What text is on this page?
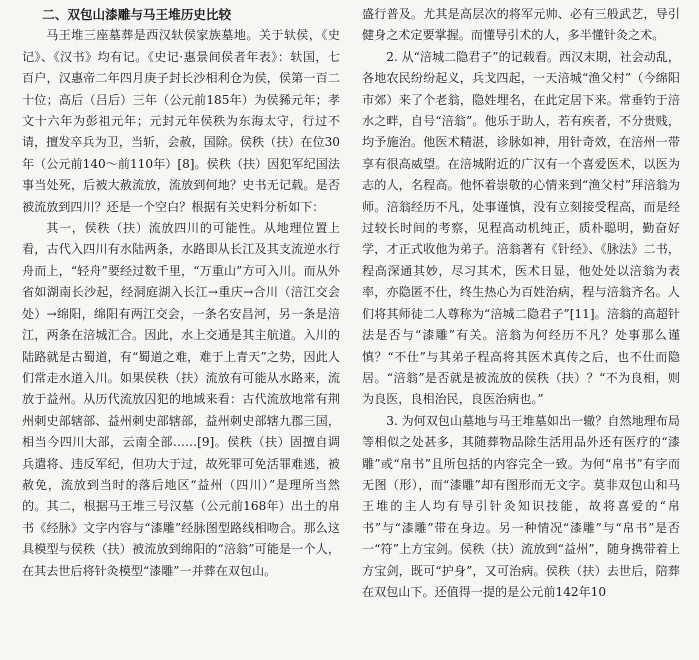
二、双包山漆雕与马王堆历史比较

马王堆三座墓葬是西汉轪侯家族墓地。关于轪侯，《史记》、《汉书》均有记。《史记·惠景间侯者年表》：轪国，七百户，汉惠帝二年四月庚子封长沙相利仓为侯，侯第一百二十位；高后（吕后）三年（公元前185年）为侯豨元年；孝文十六年为彭祖元年；元封元年侯秩为东海太守，行过不请，擅发卒兵为卫，当斩，会赦，国除。侯秩（扶）在位30年（公元前140～前110年）[8]。侯秩（扶）因犯军纪国法事当处死，后被大赦流放，流放到何地？史书无记载。是否被流放到四川？还是一个空白？根据有关史料分析如下：

其一，侯秩（扶）流放四川的可能性。从地理位置上看，古代入四川有水陆两条，水路即从长江及其支流逆水行舟而上，“轻舟”要经过数千里，“万重山”方可入川。而从外省如湖南长沙起，经洞庭湖入长江→重庆→合川（涪江交会处）→绵阳，绵阳有两江交会，一条名安昌河，另一条是涪江，两条在涪城汇合。因此，水上交通是其主航道。入川的陆路就是古蜀道，有“蜀道之难，难于上青天”之势，因此人们常走水道入川。如果侯秩（扶）流放有可能从水路来，流放于益州。从历代流放囚犯的地域来看：古代流放地常有荆州刺史部辖部、益州刺史部辖部，益州刺史部辖九郡三国，相当今四川大部，云南全部……[9]。侯秩（扶）固擅自调兵遣将、违反军纪，但功大于过，故死罪可免活罪难逃，被赦免，流放到当时的落后地区“益州（四川）”是理所当然的。其二，根据马王堆三号汉墓（公元前168年）出土的帛书《经脉》文字内容与“漆雕”经脉图型路线相吻合。那么这具模型与侯秩（扶）被流放到绵阳的“涪翁”可能是一个人，在其去世后将针灸模型“漆雕”一并葬在双包山。

盛行普及。尤其是高层次的将军元帅、必有三般武艺，导引健身之术定要掌握。而懂导引术的人，多半懂针灸之术。

2. 从“涪城二隐君子”的记载看。西汉末期，社会动乱，各地农民纷纷起义，兵戈四起，一天涪城“渔父村”（今绵阳市郊）来了个老翁，隐姓埋名，在此定居下来。常垂钓于涪水之畔，自号“涪翁”。他乐于助人，若有疾者，不分贵贱，均予施治。他医术精湛，诊脉如神，用针奇效，在涪州一带享有很高威望。在涪城附近的广汉有一个喜爱医术，以医为志的人，名程高。他怀着崇敬的心情来到“渔父村”拜涪翁为师。涪翁经历不凡，处事谨慎，没有立刻接受程高，而是经过较长时间的考察，见程高动机纯正，质朴聪明，勤奋好学，才正式收他为弟子。涪翁著有《针经》、《脉法》二书，程高深通其妙，尽习其术，医术日显，他处处以涪翁为表率，亦隐匿不仕，终生热心为百姓治病，程与涪翁齐名。人们将其师徒二人尊称为“涪城二隐君子”[11]。涪翁的高超针法是否与“漆雕”有关。涪翁为何经历不凡？处事那么谨慎？“不仕”与其弟子程高将其医术真传之后，也不仕而隐居。“涪翁”是否就是被流放的侯秩（扶）？“不为良相，则为良医，良相治民，良医治病也。”

3. 为何双包山墓地与马王堆墓如出一辙？自然地理布局等相似之处甚多，其随葬物品除生活用品外还有医疗的“漆雕”或“帛书”且所包括的内容完全一致。为何“帛书”有字而无图（形），而“漆雕”却有图形而无文字。莫非双包山和马王堆的主人均有导引针灸知识技能，故将喜爱的“帛书”与“漆雕”带在身边。另一种情况“漆雕”与“帛书”是否一“符”上方宝剑。侯秩（扶）流放到“益州”，随身携带着上方宝剑，既可“护身”，又可治病。侯秩（扶）去世后，陪葬在双包山下。还值得一提的是公元前142年10
